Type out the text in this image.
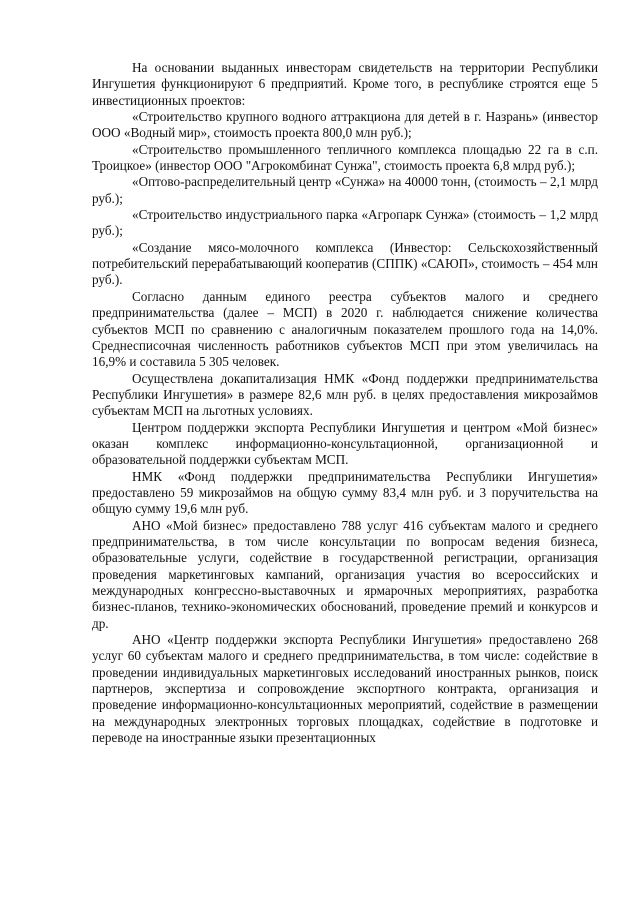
На основании выданных инвесторам свидетельств на территории Республики Ингушетия функционируют 6 предприятий. Кроме того, в республике строятся еще 5 инвестиционных проектов:

«Строительство крупного водного аттракциона для детей в г. Назрань» (инвестор ООО «Водный мир», стоимость проекта 800,0 млн руб.);

«Строительство промышленного тепличного комплекса площадью 22 га в с.п. Троицкое» (инвестор ООО "Агрокомбинат Сунжа", стоимость проекта 6,8 млрд руб.);

«Оптово-распределительный центр «Сунжа» на 40000 тонн, (стоимость – 2,1 млрд руб.);

«Строительство индустриального парка «Агропарк Сунжа» (стоимость – 1,2 млрд руб.);

«Создание мясо-молочного комплекса (Инвестор: Сельскохозяйственный потребительский перерабатывающий кооператив (СППК) «САЮП», стоимость – 454 млн руб.).

Согласно данным единого реестра субъектов малого и среднего предпринимательства (далее – МСП) в 2020 г. наблюдается снижение количества субъектов МСП по сравнению с аналогичным показателем прошлого года на 14,0%. Среднесписочная численность работников субъектов МСП при этом увеличилась на 16,9% и составила 5 305 человек.

Осуществлена докапитализация НМК «Фонд поддержки предпринимательства Республики Ингушетия» в размере 82,6 млн руб. в целях предоставления микрозаймов субъектам МСП на льготных условиях.

Центром поддержки экспорта Республики Ингушетия и центром «Мой бизнес» оказан комплекс информационно-консультационной, организационной и образовательной поддержки субъектам МСП.

НМК «Фонд поддержки предпринимательства Республики Ингушетия» предоставлено 59 микрозаймов на общую сумму 83,4 млн руб. и 3 поручительства на общую сумму 19,6 млн руб.

АНО «Мой бизнес» предоставлено 788 услуг 416 субъектам малого и среднего предпринимательства, в том числе консультации по вопросам ведения бизнеса, образовательные услуги, содействие в государственной регистрации, организация проведения маркетинговых кампаний, организация участия во всероссийских и международных конгрессно-выставочных и ярмарочных мероприятиях, разработка бизнес-планов, технико-экономических обоснований, проведение премий и конкурсов и др.

АНО «Центр поддержки экспорта Республики Ингушетия» предоставлено 268 услуг 60 субъектам малого и среднего предпринимательства, в том числе: содействие в проведении индивидуальных маркетинговых исследований иностранных рынков, поиск партнеров, экспертиза и сопровождение экспортного контракта, организация и проведение информационно-консультационных мероприятий, содействие в размещении на международных электронных торговых площадках, содействие в подготовке и переводе на иностранные языки презентационных
